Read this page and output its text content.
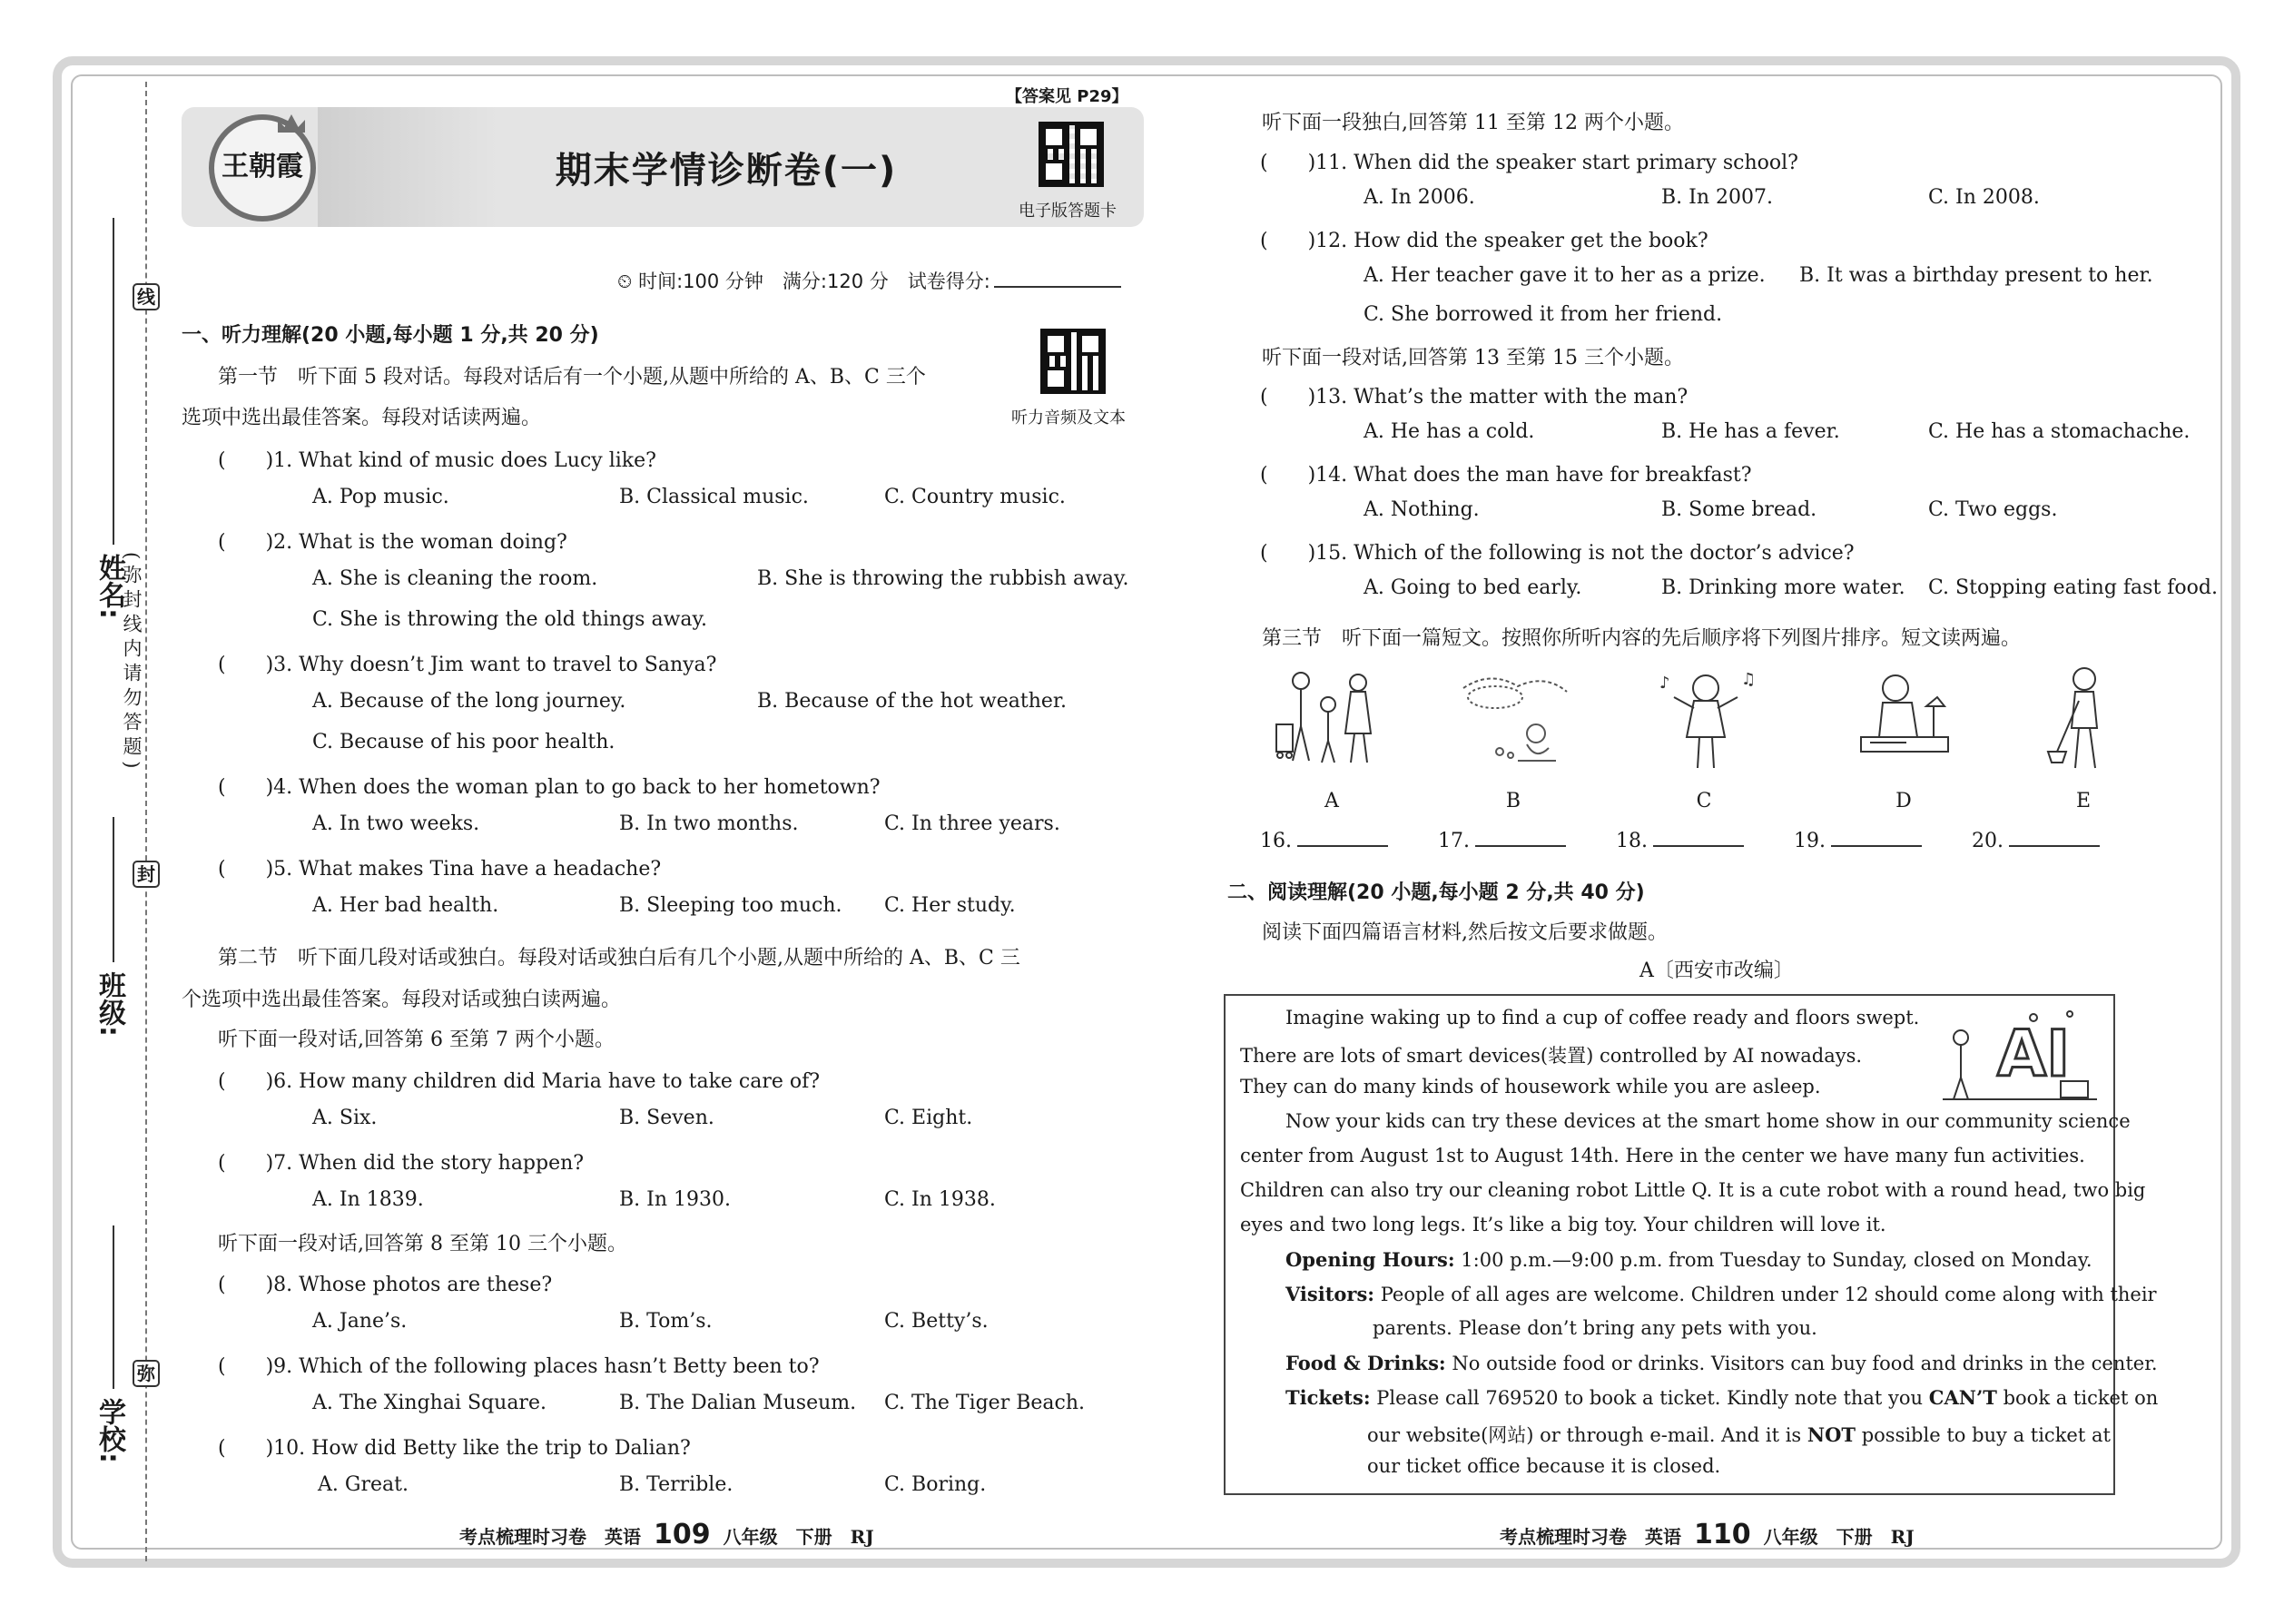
线
封
弥
姓名:
班级:
学校:
(弥封线内请勿答题)
王朝霞	期末学情诊断卷(一)
【答案见 P29】
电子版答题卡
⏲ 时间:100 分钟　满分:120 分　试卷得分:
一、听力理解(20 小题,每小题 1 分,共 20 分)
听力音频及文本
第一节　听下面 5 段对话。每段对话后有一个小题,从题中所给的 A、B、C 三个
选项中选出最佳答案。每段对话读两遍。
(　　)1. What kind of music does Lucy like?
A. Pop music.	B. Classical music.	C. Country music.
(　　)2. What is the woman doing?
A. She is cleaning the room.	B. She is throwing the rubbish away.
C. She is throwing the old things away.
(　　)3. Why doesn’t Jim want to travel to Sanya?
A. Because of the long journey.	B. Because of the hot weather.
C. Because of his poor health.
(　　)4. When does the woman plan to go back to her hometown?
A. In two weeks.	B. In two months.	C. In three years.
(　　)5. What makes Tina have a headache?
A. Her bad health.	B. Sleeping too much. C. Her study.
第二节　听下面几段对话或独白。每段对话或独白后有几个小题,从题中所给的 A、B、C 三
个选项中选出最佳答案。每段对话或独白读两遍。
听下面一段对话,回答第 6 至第 7 两个小题。
(　　)6. How many children did Maria have to take care of?
A. Six.	B. Seven.	C. Eight.
(　　)7. When did the story happen?
A. In 1839.	B. In 1930.	C. In 1938.
听下面一段对话,回答第 8 至第 10 三个小题。
(　　)8. Whose photos are these?
A. Jane’s.	B. Tom’s.	C. Betty’s.
(　　)9. Which of the following places hasn’t Betty been to?
A. The Xinghai Square.	B. The Dalian Museum. C. The Tiger Beach.
(　　)10. How did Betty like the trip to Dalian?
A. Great.	B. Terrible.	C. Boring.
听下面一段独白,回答第 11 至第 12 两个小题。
(　　)11. When did the speaker start primary school?
A. In 2006.	B. In 2007.	C. In 2008.
(　　)12. How did the speaker get the book?
A. Her teacher gave it to her as a prize. B. It was a birthday present to her.
C. She borrowed it from her friend.
听下面一段对话,回答第 13 至第 15 三个小题。
(　　)13. What’s the matter with the man?
A. He has a cold.	B. He has a fever.	C. He has a stomachache.
(　　)14. What does the man have for breakfast?
A. Nothing.	B. Some bread.	C. Two eggs.
(　　)15. Which of the following is not the doctor’s advice?
A. Going to bed early.	B. Drinking more water. C. Stopping eating fast food.
第三节　听下面一篇短文。按照你所听内容的先后顺序将下列图片排序。短文读两遍。
♪	♫
A	B	C	D	E
16.	17.	18.	19.	20.
二、阅读理解(20 小题,每小题 2 分,共 40 分)
阅读下面四篇语言材料,然后按文后要求做题。
A〔西安市改编〕
AI
Imagine waking up to find a cup of coffee ready and floors swept.
There are lots of smart devices(装置) controlled by AI nowadays.
They can do many kinds of housework while you are asleep.
Now your kids can try these devices at the smart home show in our community science
center from August 1st to August 14th. Here in the center we have many fun activities.
Children can also try our cleaning robot Little Q. It is a cute robot with a round head, two big
eyes and two long legs. It’s like a big toy. Your children will love it.
Opening Hours: 1:00 p.m.—9:00 p.m. from Tuesday to Sunday, closed on Monday.
Visitors: People of all ages are welcome. Children under 12 should come along with their
parents. Please don’t bring any pets with you.
Food & Drinks: No outside food or drinks. Visitors can buy food and drinks in the center.
Tickets: Please call 769520 to book a ticket. Kindly note that you CAN’T book a ticket on
our website(网站) or through e-mail. And it is NOT possible to buy a ticket at
our ticket office because it is closed.
考点梳理时习卷　英语 109 八年级　下册　RJ	考点梳理时习卷　英语 110 八年级　下册　RJ
